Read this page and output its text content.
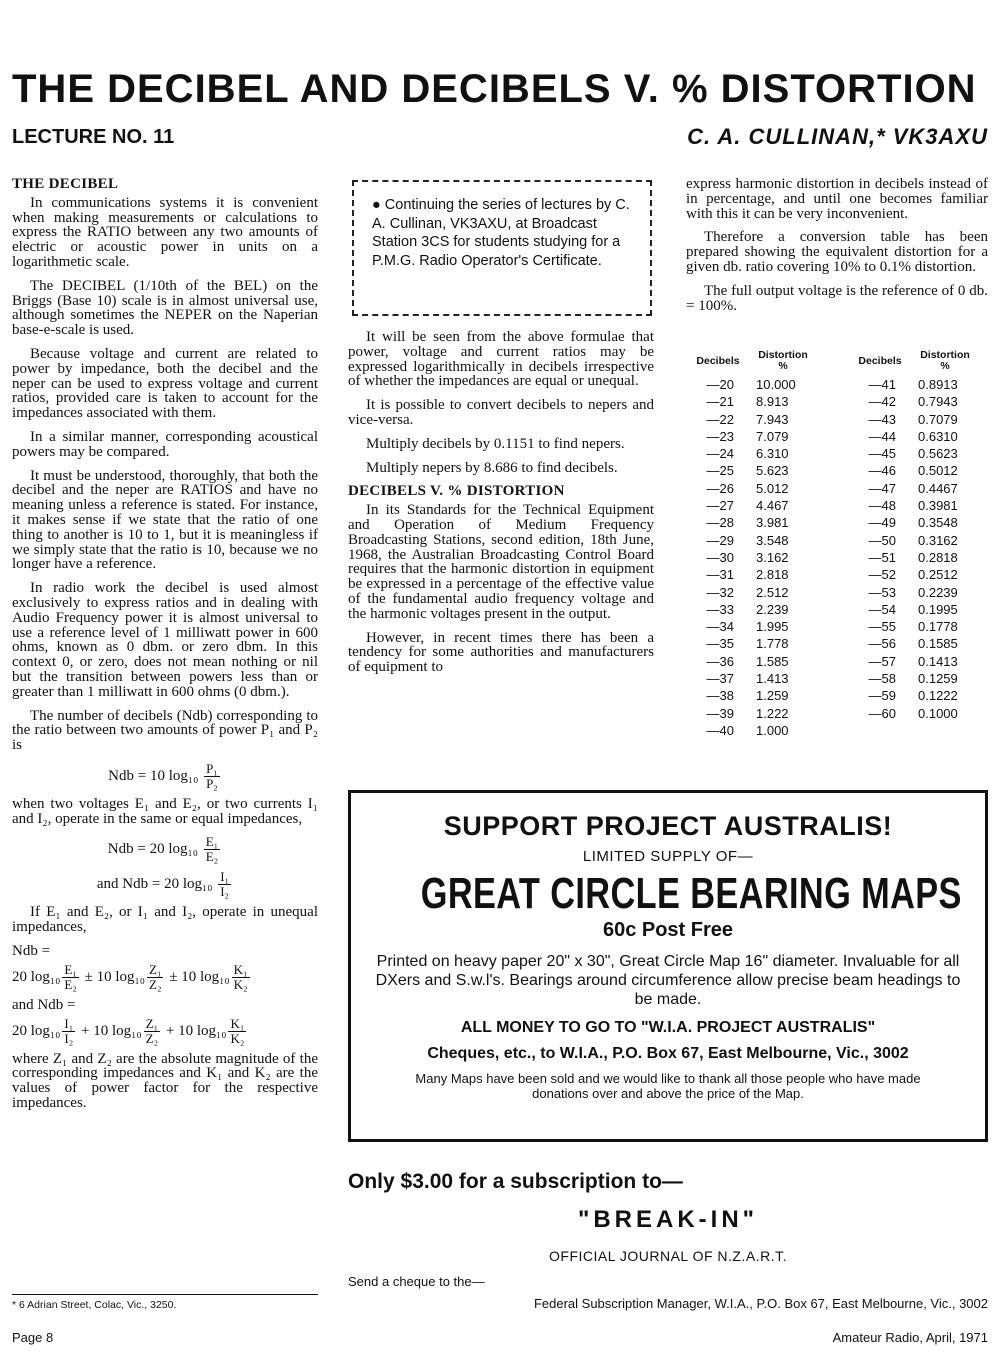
THE DECIBEL AND DECIBELS V. % DISTORTION
LECTURE NO. 11	C. A. CULLINAN,* VK3AXU
THE DECIBEL

In communications systems it is convenient when making measurements or calculations to express the RATIO between any two amounts of electric or acoustic power in units on a logarithmetic scale.

The DECIBEL (1/10th of the BEL) on the Briggs (Base 10) scale is in almost universal use, although sometimes the NEPER on the Naperian base-e-scale is used.

Because voltage and current are related to power by impedance, both the decibel and the neper can be used to express voltage and current ratios, provided care is taken to account for the impedances associated with them.

In a similar manner, corresponding acoustical powers may be compared.

It must be understood, thoroughly, that both the decibel and the neper are RATIOS and have no meaning unless a reference is stated. For instance, it makes sense if we state that the ratio of one thing to another is 10 to 1, but it is meaningless if we simply state that the ratio is 10, because we no longer have a reference.

In radio work the decibel is used almost exclusively to express ratios and in dealing with Audio Frequency power it is almost universal to use a reference level of 1 milliwatt power in 600 ohms, known as 0 dbm. or zero dbm. In this context 0, or zero, does not mean nothing or nil but the transition between powers less than or greater than 1 milliwatt in 600 ohms (0 dbm.).

The number of decibels (Ndb) corresponding to the ratio between two amounts of power P₁ and P₂ is

Ndb = 10 $\log_{10} \frac{\text{P₁}}{\text{P₂}}$

when two voltages E₁ and E₂, or two currents I₁ and I₂, operate in the same or equal impedances,

Ndb = 20 $\log_{10} \frac{\text{E₁}}{\text{E₂}}$
and Ndb = 20 $\log_{10} \frac{\text{I₁}}{\text{I₂}}$

If E₁ and E₂, or I₁ and I₂, operate in unequal impedances,

Ndb =
20 $\log_{10} \frac{\text{E₁}}{\text{E₂}} \pm 10$ $\log_{10} \frac{\text{Z₁}}{\text{Z₂}} \pm 10$ $\log_{10} \frac{\text{K₁}}{\text{K₂}}$
and Ndb =
20 $\log_{10} \frac{\text{I₁}}{\text{I₂}} + 10$ $\log_{10} \frac{\text{Z₁}}{\text{Z₂}} + 10$ $\log_{10} \frac{\text{K₁}}{\text{K₂}}$

where Z₁ and Z₂ are the absolute magnitude of the corresponding impedances and K₁ and K₂ are the values of power factor for the respective impedances.

* 6 Adrian Street, Colac, Vic., 3250.
● Continuing the series of lectures by C. A. Cullinan, VK3AXU, at Broadcast Station 3CS for students studying for a P.M.G. Radio Operator's Certificate.

It will be seen from the above formulae that power, voltage and current ratios may be expressed logarithmically in decibels irrespective of whether the impedances are equal or unequal.

It is possible to convert decibels to nepers and vice-versa.

Multiply decibels by 0.1151 to find nepers.

Multiply nepers by 8.686 to find decibels.

DECIBELS V. % DISTORTION

In its Standards for the Technical Equipment and Operation of Medium Frequency Broadcasting Stations, second edition, 18th June, 1968, the Australian Broadcasting Control Board requires that the harmonic distortion in equipment be expressed in a percentage of the effective value of the fundamental audio frequency voltage and the harmonic voltages present in the output.

However, in recent times there has been a tendency for some authorities and manufacturers of equipment to

express harmonic distortion in decibels instead of in percentage, and until one becomes familiar with this it can be very inconvenient.

Therefore a conversion table has been prepared showing the equivalent distortion for a given db. ratio covering 10% to 0.1% distortion.

The full output voltage is the reference of 0 db. = 100%.

Decibels	Distortion
%
—20	10.000
—21	8.913
—22	7.943
—23	7.079
—24	6.310
—25	5.623
—26	5.012
—27	4.467
—28	3.981
—29	3.548
—30	3.162
—31	2.818
—32	2.512
—33	2.239
—34	1.995
—35	1.778
—36	1.585
—37	1.413
—38	1.259
—39	1.222
—40	1.000
Decibels	Distortion
%
—41	0.8913
—42	0.7943
—43	0.7079
—44	0.6310
—45	0.5623
—46	0.5012
—47	0.4467
—48	0.3981
—49	0.3548
—50	0.3162
—51	0.2818
—52	0.2512
—53	0.2239
—54	0.1995
—55	0.1778
—56	0.1585
—57	0.1413
—58	0.1259
—59	0.1222
—60	0.1000
SUPPORT PROJECT AUSTRALIS!
LIMITED SUPPLY OF—
GREAT CIRCLE BEARING MAPS
60c Post Free
Printed on heavy paper 20" x 30", Great Circle Map 16" diameter. Invaluable for all DXers and S.w.l's. Bearings around circumference allow precise beam headings to be made.
ALL MONEY TO GO TO "W.I.A. PROJECT AUSTRALIS"
Cheques, etc., to W.I.A., P.O. Box 67, East Melbourne, Vic., 3002
Many Maps have been sold and we would like to thank all those people who have made donations over and above the price of the Map.
Only $3.00 for a subscription to—
"BREAK-IN"
OFFICIAL JOURNAL OF N.Z.A.R.T.
Send a cheque to the—
Federal Subscription Manager, W.I.A., P.O. Box 67, East Melbourne, Vic., 3002
Page 8	Amateur Radio, April, 1971
